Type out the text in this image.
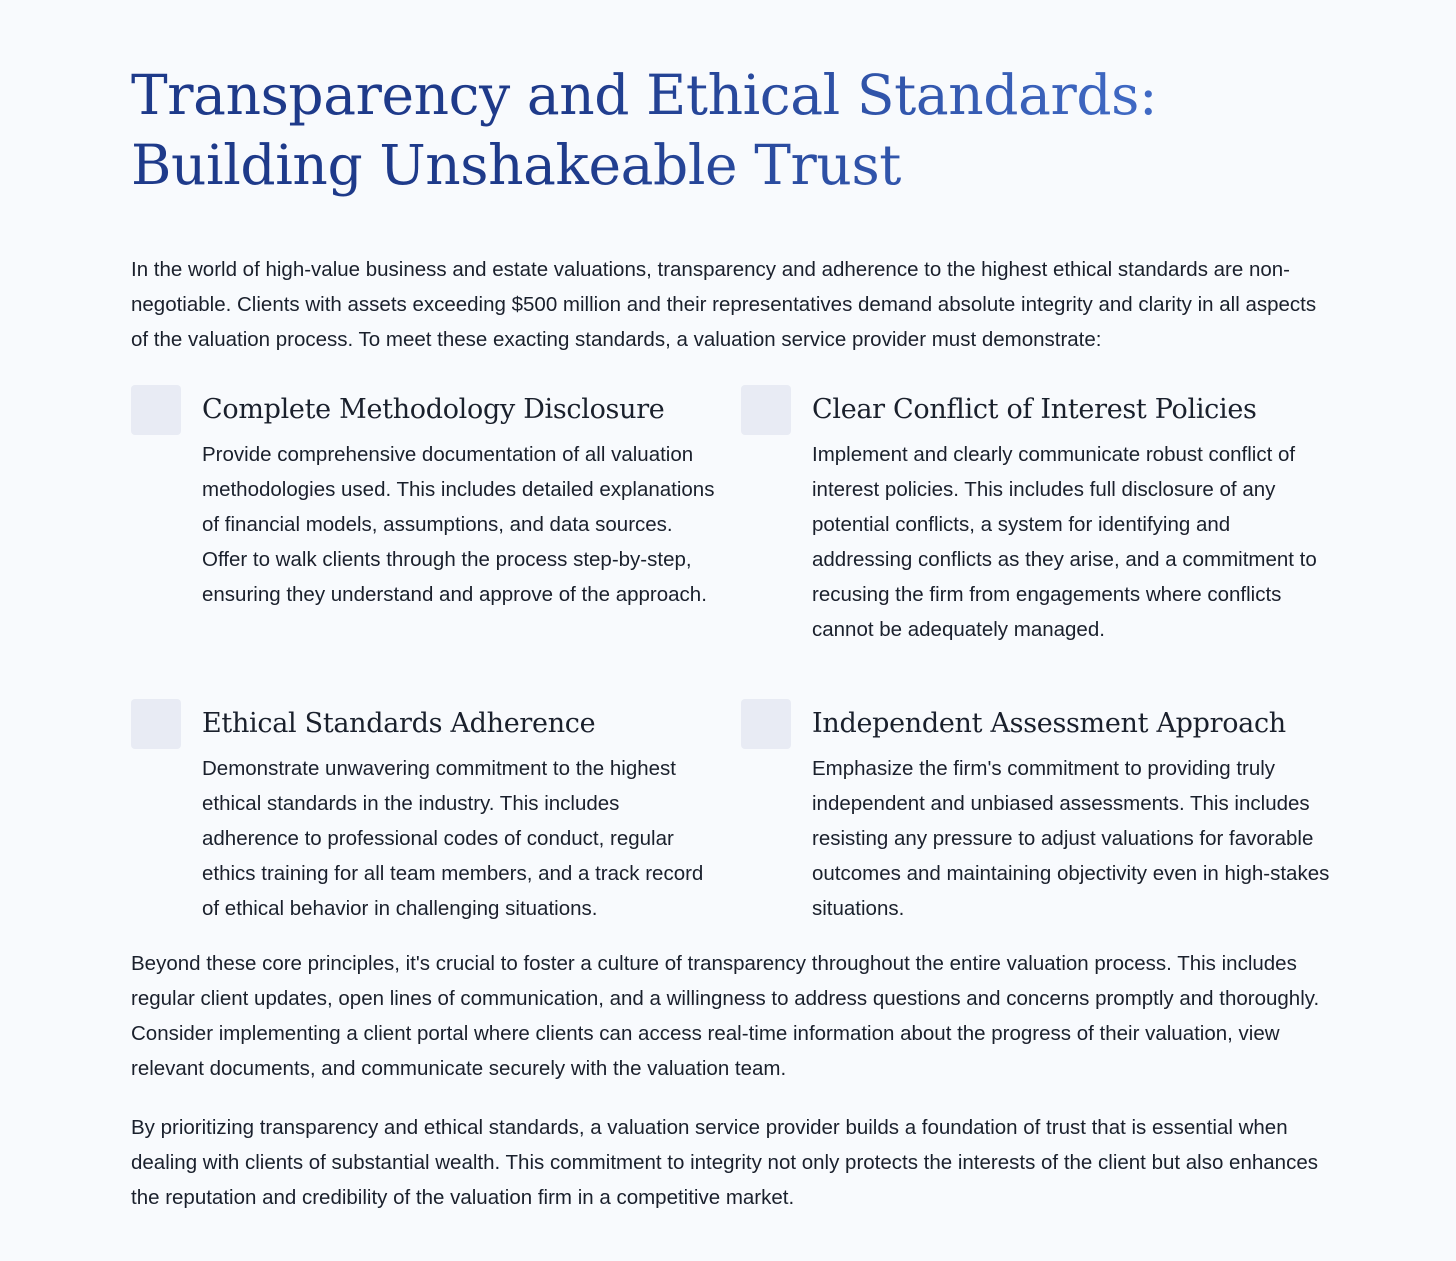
Transparency and Ethical Standards: Building Unshakeable Trust

In the world of high-value business and estate valuations, transparency and adherence to the highest ethical standards are non-negotiable. Clients with assets exceeding $500 million and their representatives demand absolute integrity and clarity in all aspects of the valuation process. To meet these exacting standards, a valuation service provider must demonstrate:

Complete Methodology Disclosure

Provide comprehensive documentation of all valuation methodologies used. This includes detailed explanations of financial models, assumptions, and data sources. Offer to walk clients through the process step-by-step, ensuring they understand and approve of the approach.

Clear Conflict of Interest Policies

Implement and clearly communicate robust conflict of interest policies. This includes full disclosure of any potential conflicts, a system for identifying and addressing conflicts as they arise, and a commitment to recusing the firm from engagements where conflicts cannot be adequately managed.

Ethical Standards Adherence

Demonstrate unwavering commitment to the highest ethical standards in the industry. This includes adherence to professional codes of conduct, regular ethics training for all team members, and a track record of ethical behavior in challenging situations.

Independent Assessment Approach

Emphasize the firm's commitment to providing truly independent and unbiased assessments. This includes resisting any pressure to adjust valuations for favorable outcomes and maintaining objectivity even in high-stakes situations.

Beyond these core principles, it's crucial to foster a culture of transparency throughout the entire valuation process. This includes regular client updates, open lines of communication, and a willingness to address questions and concerns promptly and thoroughly. Consider implementing a client portal where clients can access real-time information about the progress of their valuation, view relevant documents, and communicate securely with the valuation team.

By prioritizing transparency and ethical standards, a valuation service provider builds a foundation of trust that is essential when dealing with clients of substantial wealth. This commitment to integrity not only protects the interests of the client but also enhances the reputation and credibility of the valuation firm in a competitive market.
